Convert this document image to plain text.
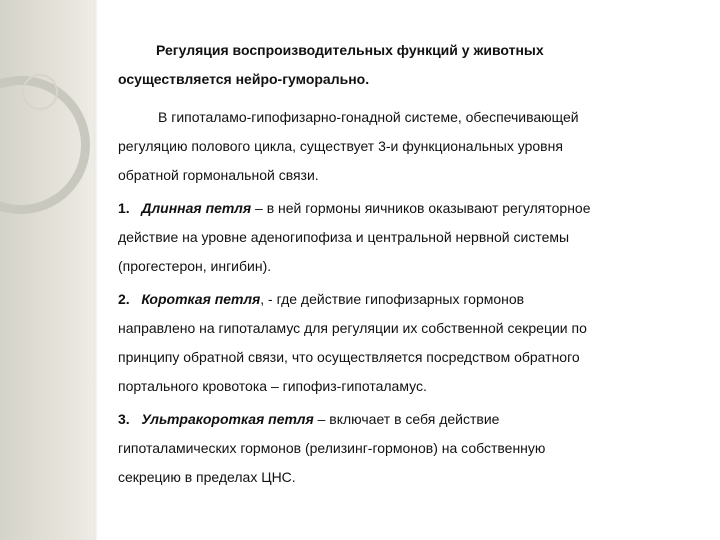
Регуляция воспроизводительных функций у животных
осуществляется нейро-гуморально.
В гипоталамо-гипофизарно-гонадной системе, обеспечивающей
регуляцию полового цикла, существует 3-и функциональных уровня
обратной гормональной связи.
1. Длинная петля – в ней гормоны яичников оказывают регуляторное
действие на уровне аденогипофиза и центральной нервной системы
(прогестерон, ингибин).
2. Короткая петля, - где действие гипофизарных гормонов
направлено на гипоталамус для регуляции их собственной секреции по
принципу обратной связи, что осуществляется посредством обратного
портального кровотока – гипофиз-гипоталамус.
3. Ультракороткая петля – включает в себя действие
гипоталамических гормонов (релизинг-гормонов) на собственную
секрецию в пределах ЦНС.
